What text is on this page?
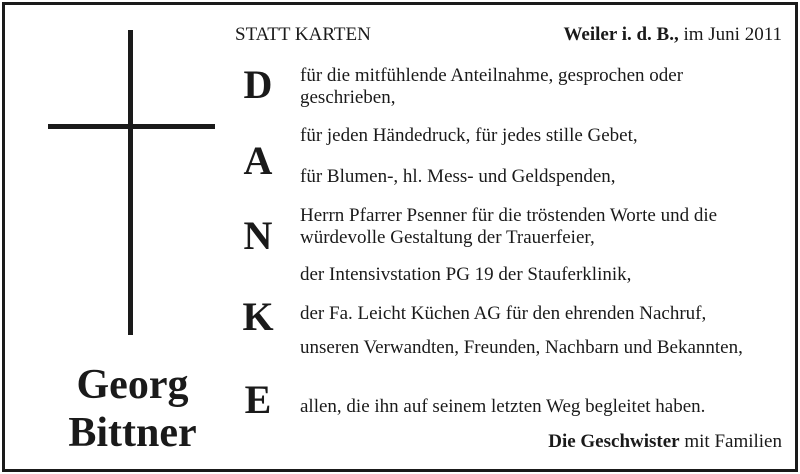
Georg
Bittner
STATT KARTEN	Weiler i. d. B., im Juni 2011
D
A
N
K
E
für die mitfühlende Anteilnahme, gesprochen oder geschrieben,
für jeden Händedruck, für jedes stille Gebet,
für Blumen-, hl. Mess- und Geldspenden,
Herrn Pfarrer Psenner für die tröstenden Worte und die würdevolle Gestaltung der Trauerfeier,
der Intensivstation PG 19 der Stauferklinik,
der Fa. Leicht Küchen AG für den ehrenden Nachruf,
unseren Verwandten, Freunden, Nachbarn und Bekannten,
allen, die ihn auf seinem letzten Weg begleitet haben.
Die Geschwister mit Familien
